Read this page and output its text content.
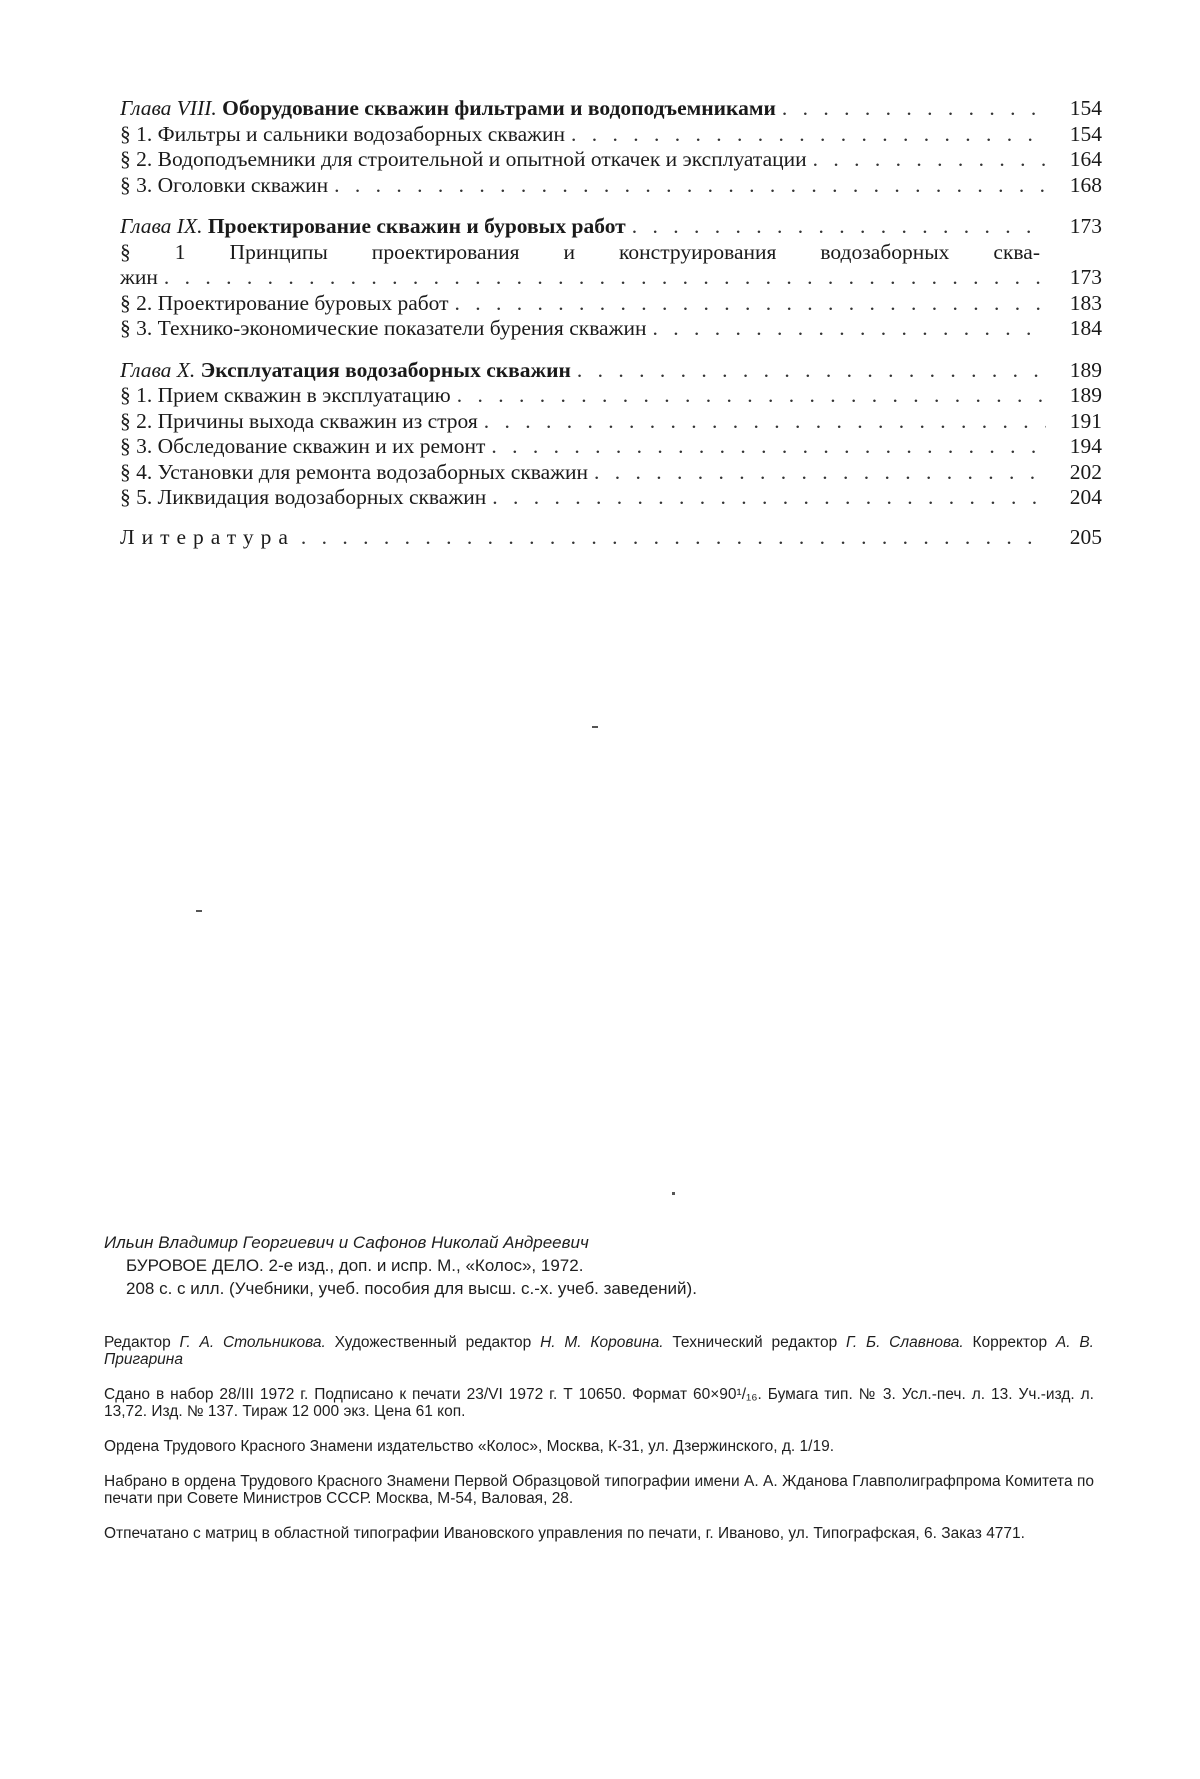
Глава VIII. Оборудование скважин фильтрами и водоподъемниками
. . .	154
§ 1. Фильтры и сальники водозаборных скважин
. . .	154
§ 2. Водоподъемники для строительной и опытной откачек и эксплуатации
. . .	164
§ 3. Оголовки скважин
. . .	168
Глава IX. Проектирование скважин и буровых работ
. . .	173
§ 1 Принципы проектирования и конструирования водозаборных сква-
жин
. . .	173
§ 2. Проектирование буровых работ
. . .	183
§ 3. Технико-экономические показатели бурения скважин
. . .	184
Глава X. Эксплуатация водозаборных скважин
. . .	189
§ 1. Прием скважин в эксплуатацию
. . .	189
§ 2. Причины выхода скважин из строя
. . .	191
§ 3. Обследование скважин и их ремонт
. . .	194
§ 4. Установки для ремонта водозаборных скважин
. . .	202
§ 5. Ликвидация водозаборных скважин
. . .	204
Литература
. . .	205
Ильин Владимир Георгиевич и Сафонов Николай Андреевич
БУРОВОЕ ДЕЛО. 2-е изд., доп. и испр. М., «Колос», 1972.
208 с. с илл. (Учебники, учеб. пособия для высш. с.-х. учеб. заведений).
Редактор Г. А. Стольникова. Художественный редактор Н. М. Коровина. Технический редактор Г. Б. Славнова. Корректор А. В. Пригарина
Сдано в набор 28/III 1972 г. Подписано к печати 23/VI 1972 г. Т 10650. Формат 60×90¹/₁₆. Бумага тип. № 3. Усл.-печ. л. 13. Уч.-изд. л. 13,72. Изд. № 137. Тираж 12 000 экз. Цена 61 коп.
Ордена Трудового Красного Знамени издательство «Колос», Москва, К-31, ул. Дзержинского, д. 1/19.
Набрано в ордена Трудового Красного Знамени Первой Образцовой типографии имени А. А. Жданова Главполиграфпрома Комитета по печати при Совете Министров СССР. Москва, М-54, Валовая, 28.
Отпечатано с матриц в областной типографии Ивановского управления по печати, г. Иваново, ул. Типографская, 6. Заказ 4771.
